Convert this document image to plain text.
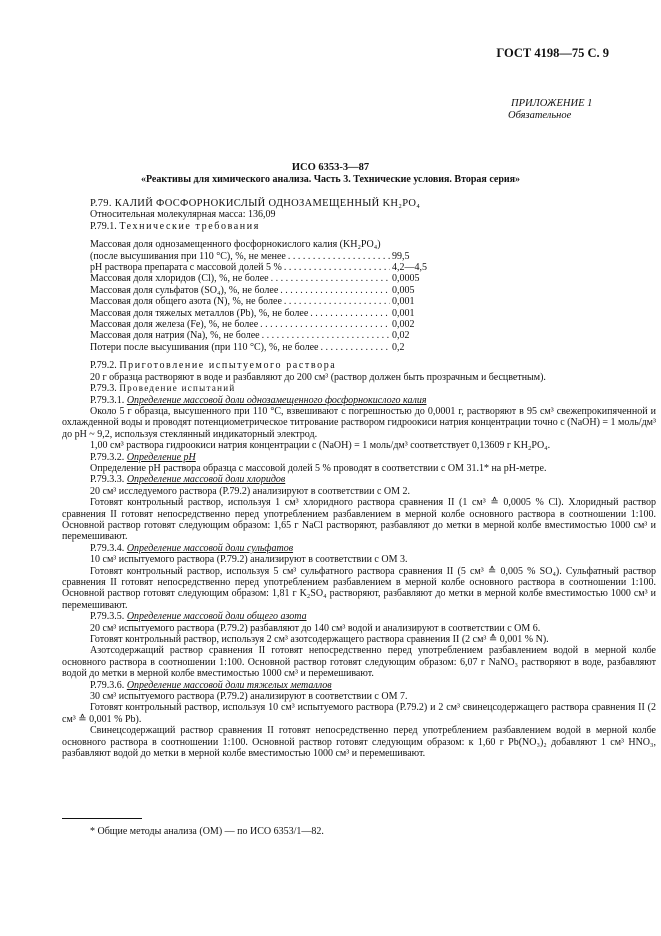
ГОСТ 4198—75 С. 9
ПРИЛОЖЕНИЕ 1
Обязательное
ИСО 6353-3—87
«Реактивы для химического анализа. Часть 3. Технические условия. Вторая серия»

Р.79. КАЛИЙ ФОСФОРНОКИСЛЫЙ ОДНОЗАМЕЩЕННЫЙ KH₂PO₄

Относительная молекулярная масса: 136,09

Р.79.1. Технические требования

Массовая доля однозамещенного фосфорнокислого калия (KH₂PO₄)
(после высушивания при 110 °С), %, не менее . . .	99,5
pH раствора препарата с массовой долей 5 % . . .	4,2—4,5
Массовая доля хлоридов (Cl), %, не более . . .	0,0005
Массовая доля сульфатов (SO₄), %, не более . . .	0,005
Массовая доля общего азота (N), %, не более . . .	0,001
Массовая доля тяжелых металлов (Pb), %, не более . . .	0,001
Массовая доля железа (Fe), %, не более . . .	0,002
Массовая доля натрия (Na), %, не более . . .	0,02
Потери после высушивания (при 110 °С), %, не более . . .	0,2

Р.79.2. Приготовление испытуемого раствора

20 г образца растворяют в воде и разбавляют до 200 см³ (раствор должен быть прозрачным и бесцветным).

Р.79.3. Проведение испытаний

Р.79.3.1. Определение массовой доли однозамещенного фосфорнокислого калия

Около 5 г образца, высушенного при 110 °С, взвешивают с погрешностью до 0,0001 г, растворяют в 95 см³ свежепрокипяченной и охлажденной воды и проводят потенциометрическое титрование раствором гидроокиси натрия концентрации точно c (NaOH) = 1 моль/дм³ до pH ~ 9,2, используя стеклянный индикаторный электрод.

1,00 см³ раствора гидроокиси натрия концентрации c (NaOH) = 1 моль/дм³ соответствует 0,13609 г KH₂PO₄.

Р.79.3.2. Определение pH

Определение pH раствора образца с массовой долей 5 % проводят в соответствии с ОМ 31.1* на pH-метре.

Р.79.3.3. Определение массовой доли хлоридов

20 см³ исследуемого раствора (Р.79.2) анализируют в соответствии с ОМ 2.

Готовят контрольный раствор, используя 1 см³ хлоридного раствора сравнения II (1 см³ ≙ 0,0005 % Cl). Хлоридный раствор сравнения II готовят непосредственно перед употреблением разбавлением в мерной колбе основного раствора в соотношении 1:100. Основной раствор готовят следующим образом: 1,65 г NaCl растворяют, разбавляют до метки в мерной колбе вместимостью 1000 см³ и перемешивают.

Р.79.3.4. Определение массовой доли сульфатов

10 см³ испытуемого раствора (Р.79.2) анализируют в соответствии с ОМ 3.

Готовят контрольный раствор, используя 5 см³ сульфатного раствора сравнения II (5 см³ ≙ 0,005 % SO₄). Сульфатный раствор сравнения II готовят непосредственно перед употреблением разбавлением в мерной колбе основного раствора в соотношении 1:100. Основной раствор готовят следующим образом: 1,81 г K₂SO₄ растворяют, разбавляют до метки в мерной колбе вместимостью 1000 см³ и перемешивают.

Р.79.3.5. Определение массовой доли общего азота

20 см³ испытуемого раствора (Р.79.2) разбавляют до 140 см³ водой и анализируют в соответствии с ОМ 6.

Готовят контрольный раствор, используя 2 см³ азотсодержащего раствора сравнения II (2 см³ ≙ 0,001 % N).

Азотсодержащий раствор сравнения II готовят непосредственно перед употреблением разбавлением водой в мерной колбе основного раствора в соотношении 1:100. Основной раствор готовят следующим образом: 6,07 г NaNO₃ растворяют в воде, разбавляют водой до метки в мерной колбе вместимостью 1000 см³ и перемешивают.

Р.79.3.6. Определение массовой доли тяжелых металлов

30 см³ испытуемого раствора (Р.79.2) анализируют в соответствии с ОМ 7.

Готовят контрольный раствор, используя 10 см³ испытуемого раствора (Р.79.2) и 2 см³ свинецсодержащего раствора сравнения II (2 см³ ≙ 0,001 % Pb).

Свинецсодержащий раствор сравнения II готовят непосредственно перед употреблением разбавлением водой в мерной колбе основного раствора в соотношении 1:100. Основной раствор готовят следующим образом: к 1,60 г Pb(NO₃)₂ добавляют 1 см³ HNO₃, разбавляют водой до метки в мерной колбе вместимостью 1000 см³ и перемешивают.

* Общие методы анализа (ОМ) — по ИСО 6353/1—82.
